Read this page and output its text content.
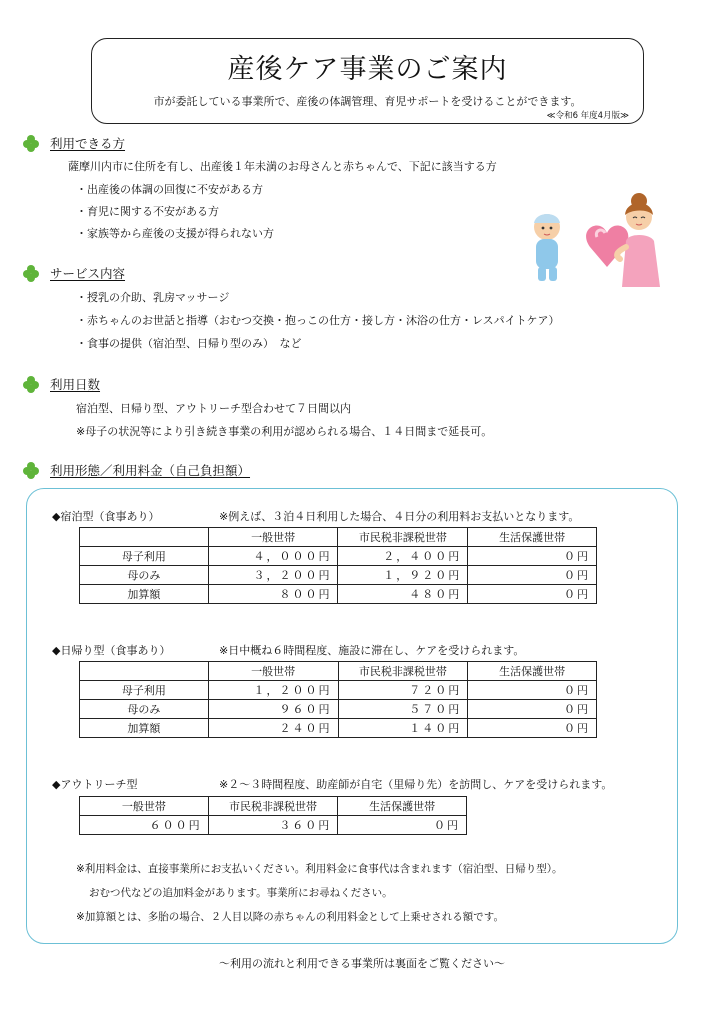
産後ケア事業のご案内
市が委託している事業所で、産後の体調管理、育児サポートを受けることができます。
≪令和6 年度4月版≫
利用できる方
薩摩川内市に住所を有し、出産後１年未満のお母さんと赤ちゃんで、下記に該当する方
・出産後の体調の回復に不安がある方
・育児に関する不安がある方
・家族等から産後の支援が得られない方
サービス内容
・授乳の介助、乳房マッサージ
・赤ちゃんのお世話と指導（おむつ交換・抱っこの仕方・接し方・沐浴の仕方・レスパイトケア）
・食事の提供（宿泊型、日帰り型のみ）　など
利用日数
宿泊型、日帰り型、アウトリーチ型合わせて７日間以内
※母子の状況等により引き続き事業の利用が認められる場合、１４日間まで延長可。
利用形態／利用料金（自己負担額）
◆宿泊型（食事あり）	※例えば、３泊４日利用した場合、４日分の利用料お支払いとなります。
	一般世帯	市民税非課税世帯	生活保護世帯
母子利用	４，０００円	２，４００円	０円
母のみ	３，２００円	１，９２０円	０円
加算額	８００円	４８０円	０円
◆日帰り型（食事あり）	※日中概ね６時間程度、施設に滞在し、ケアを受けられます。
	一般世帯	市民税非課税世帯	生活保護世帯
母子利用	１，２００円	７２０円	０円
母のみ	９６０円	５７０円	０円
加算額	２４０円	１４０円	０円
◆アウトリーチ型	※２～３時間程度、助産師が自宅（里帰り先）を訪問し、ケアを受けられます。
一般世帯	市民税非課税世帯	生活保護世帯
６００円	３６０円	０円
※利用料金は、直接事業所にお支払いください。利用料金に食事代は含まれます（宿泊型、日帰り型）。
おむつ代などの追加料金があります。事業所にお尋ねください。
※加算額とは、多胎の場合、２人目以降の赤ちゃんの利用料金として上乗せされる額です。
～利用の流れと利用できる事業所は裏面をご覧ください～
